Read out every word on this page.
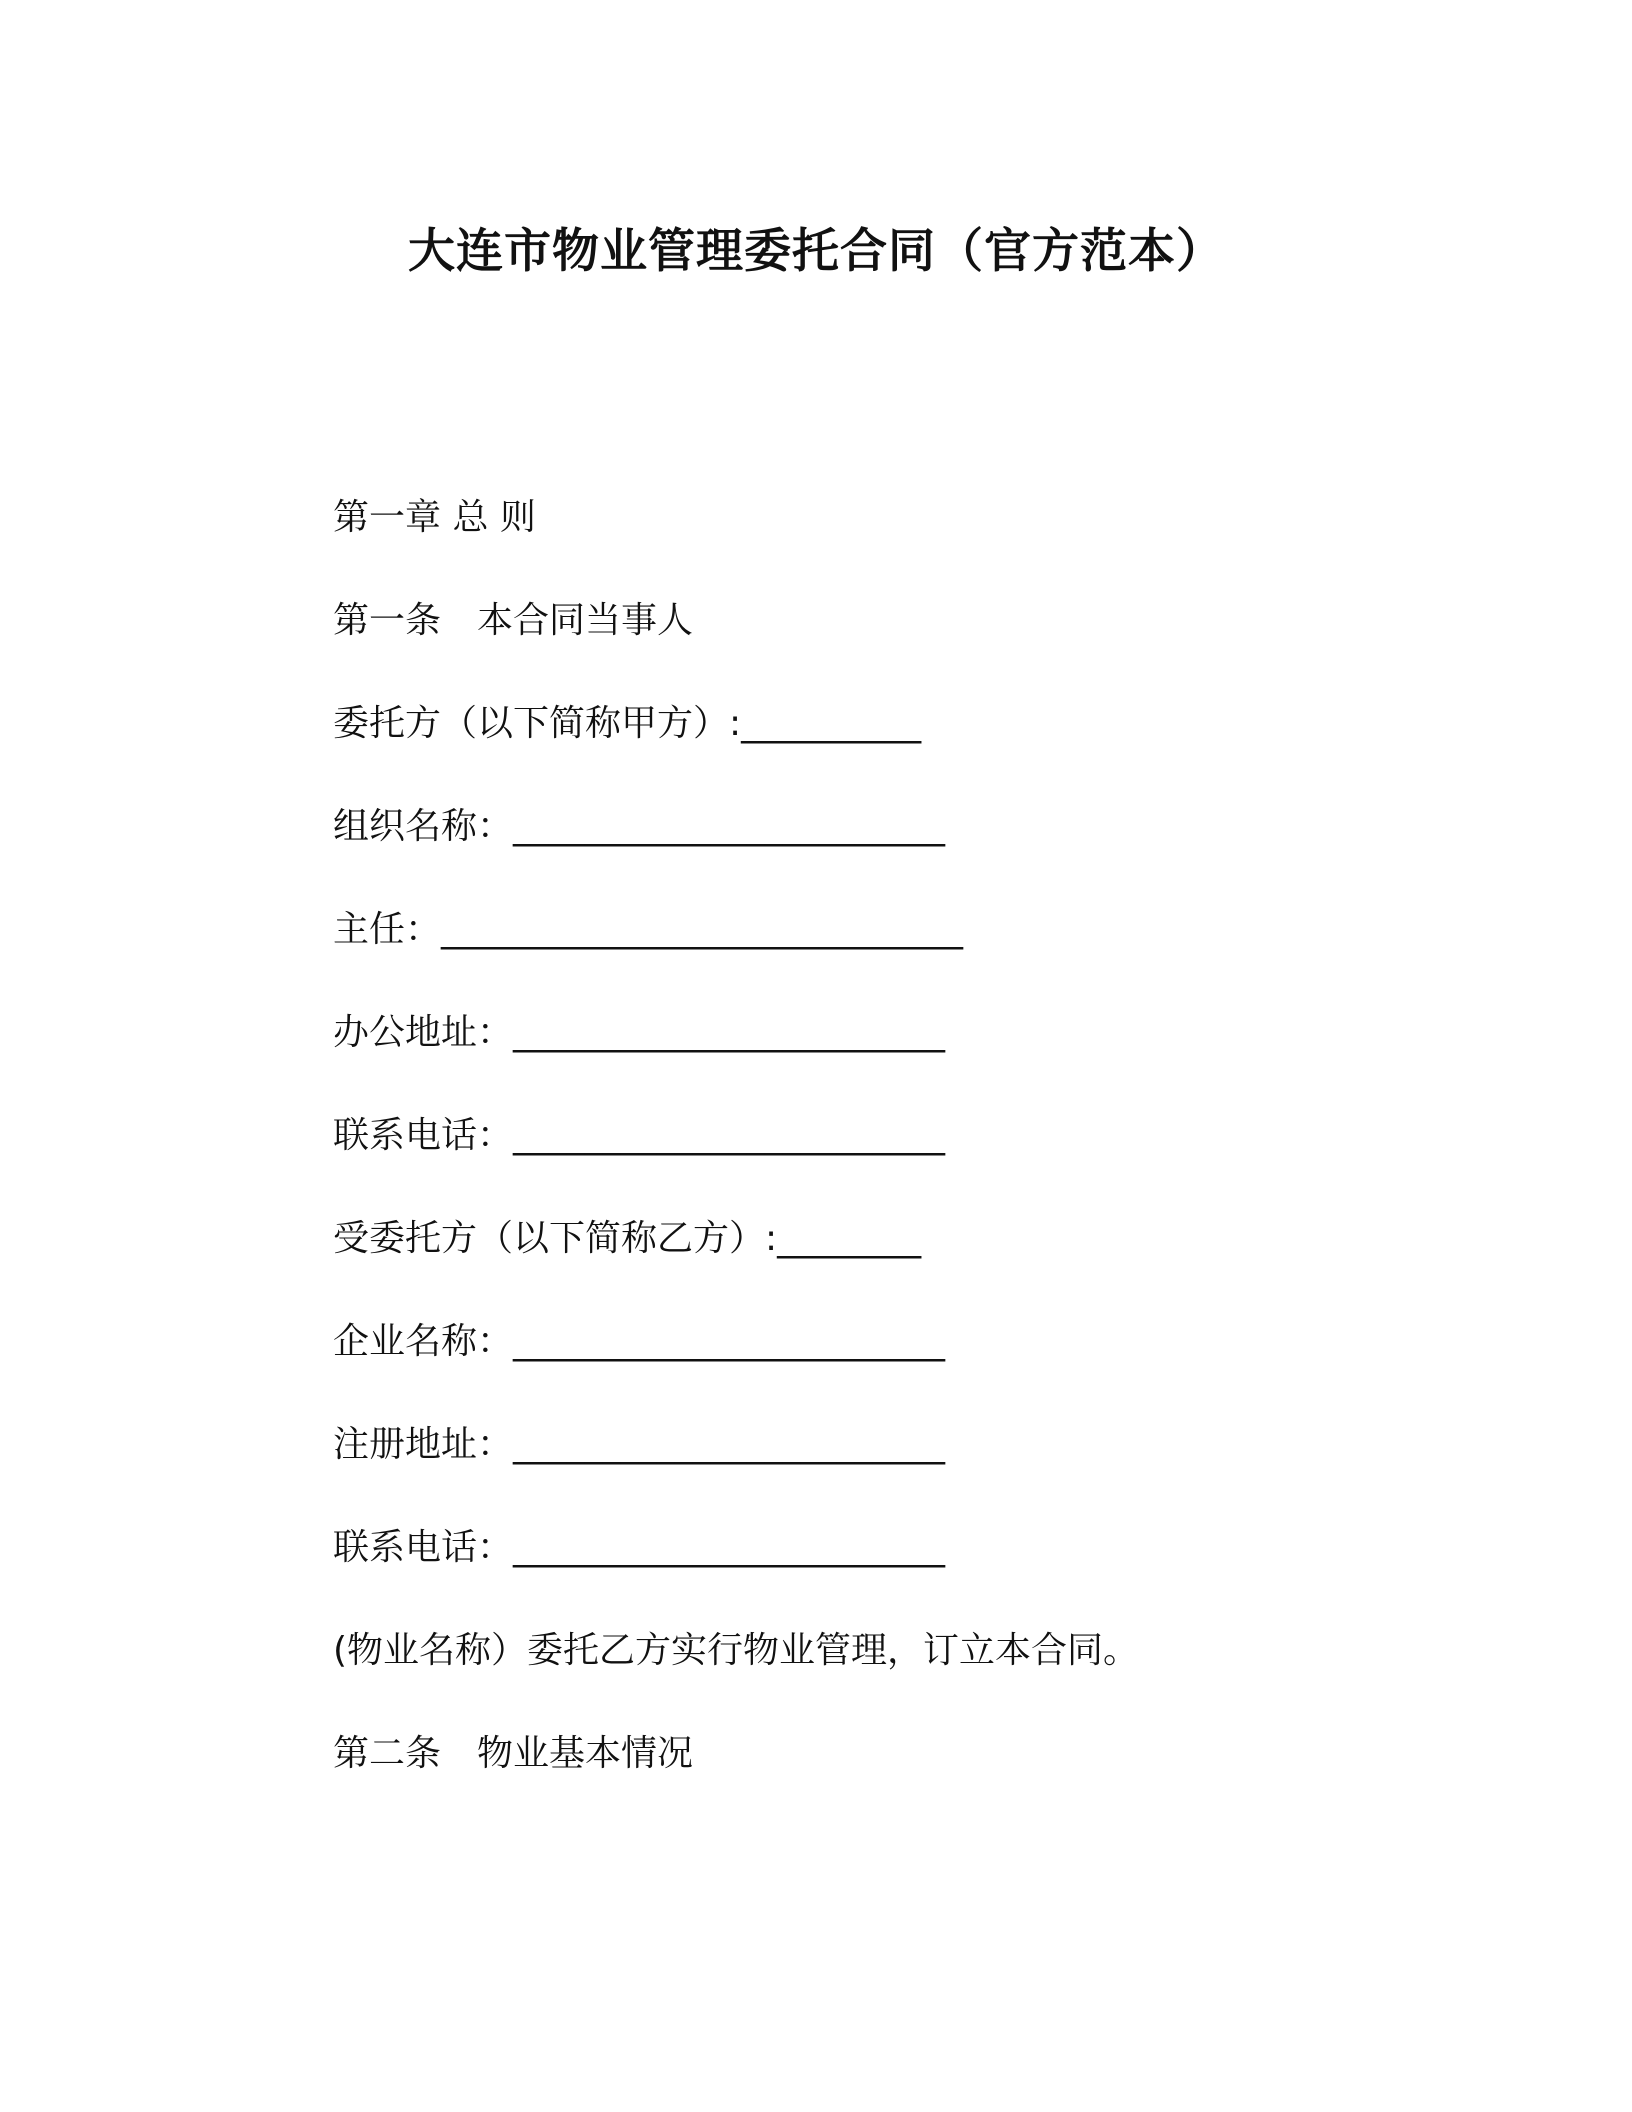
大连市物业管理委托合同（官方范本）
第一章 总 则
第一条　本合同当事人
委托方（以下简称甲方）:__________
组织名称：________________________
主任：_____________________________
办公地址：________________________
联系电话：________________________
受委托方（以下简称乙方）:________
企业名称：________________________
注册地址：________________________
联系电话：________________________
(物业名称）委托乙方实行物业管理，订立本合同。
第二条　物业基本情况
